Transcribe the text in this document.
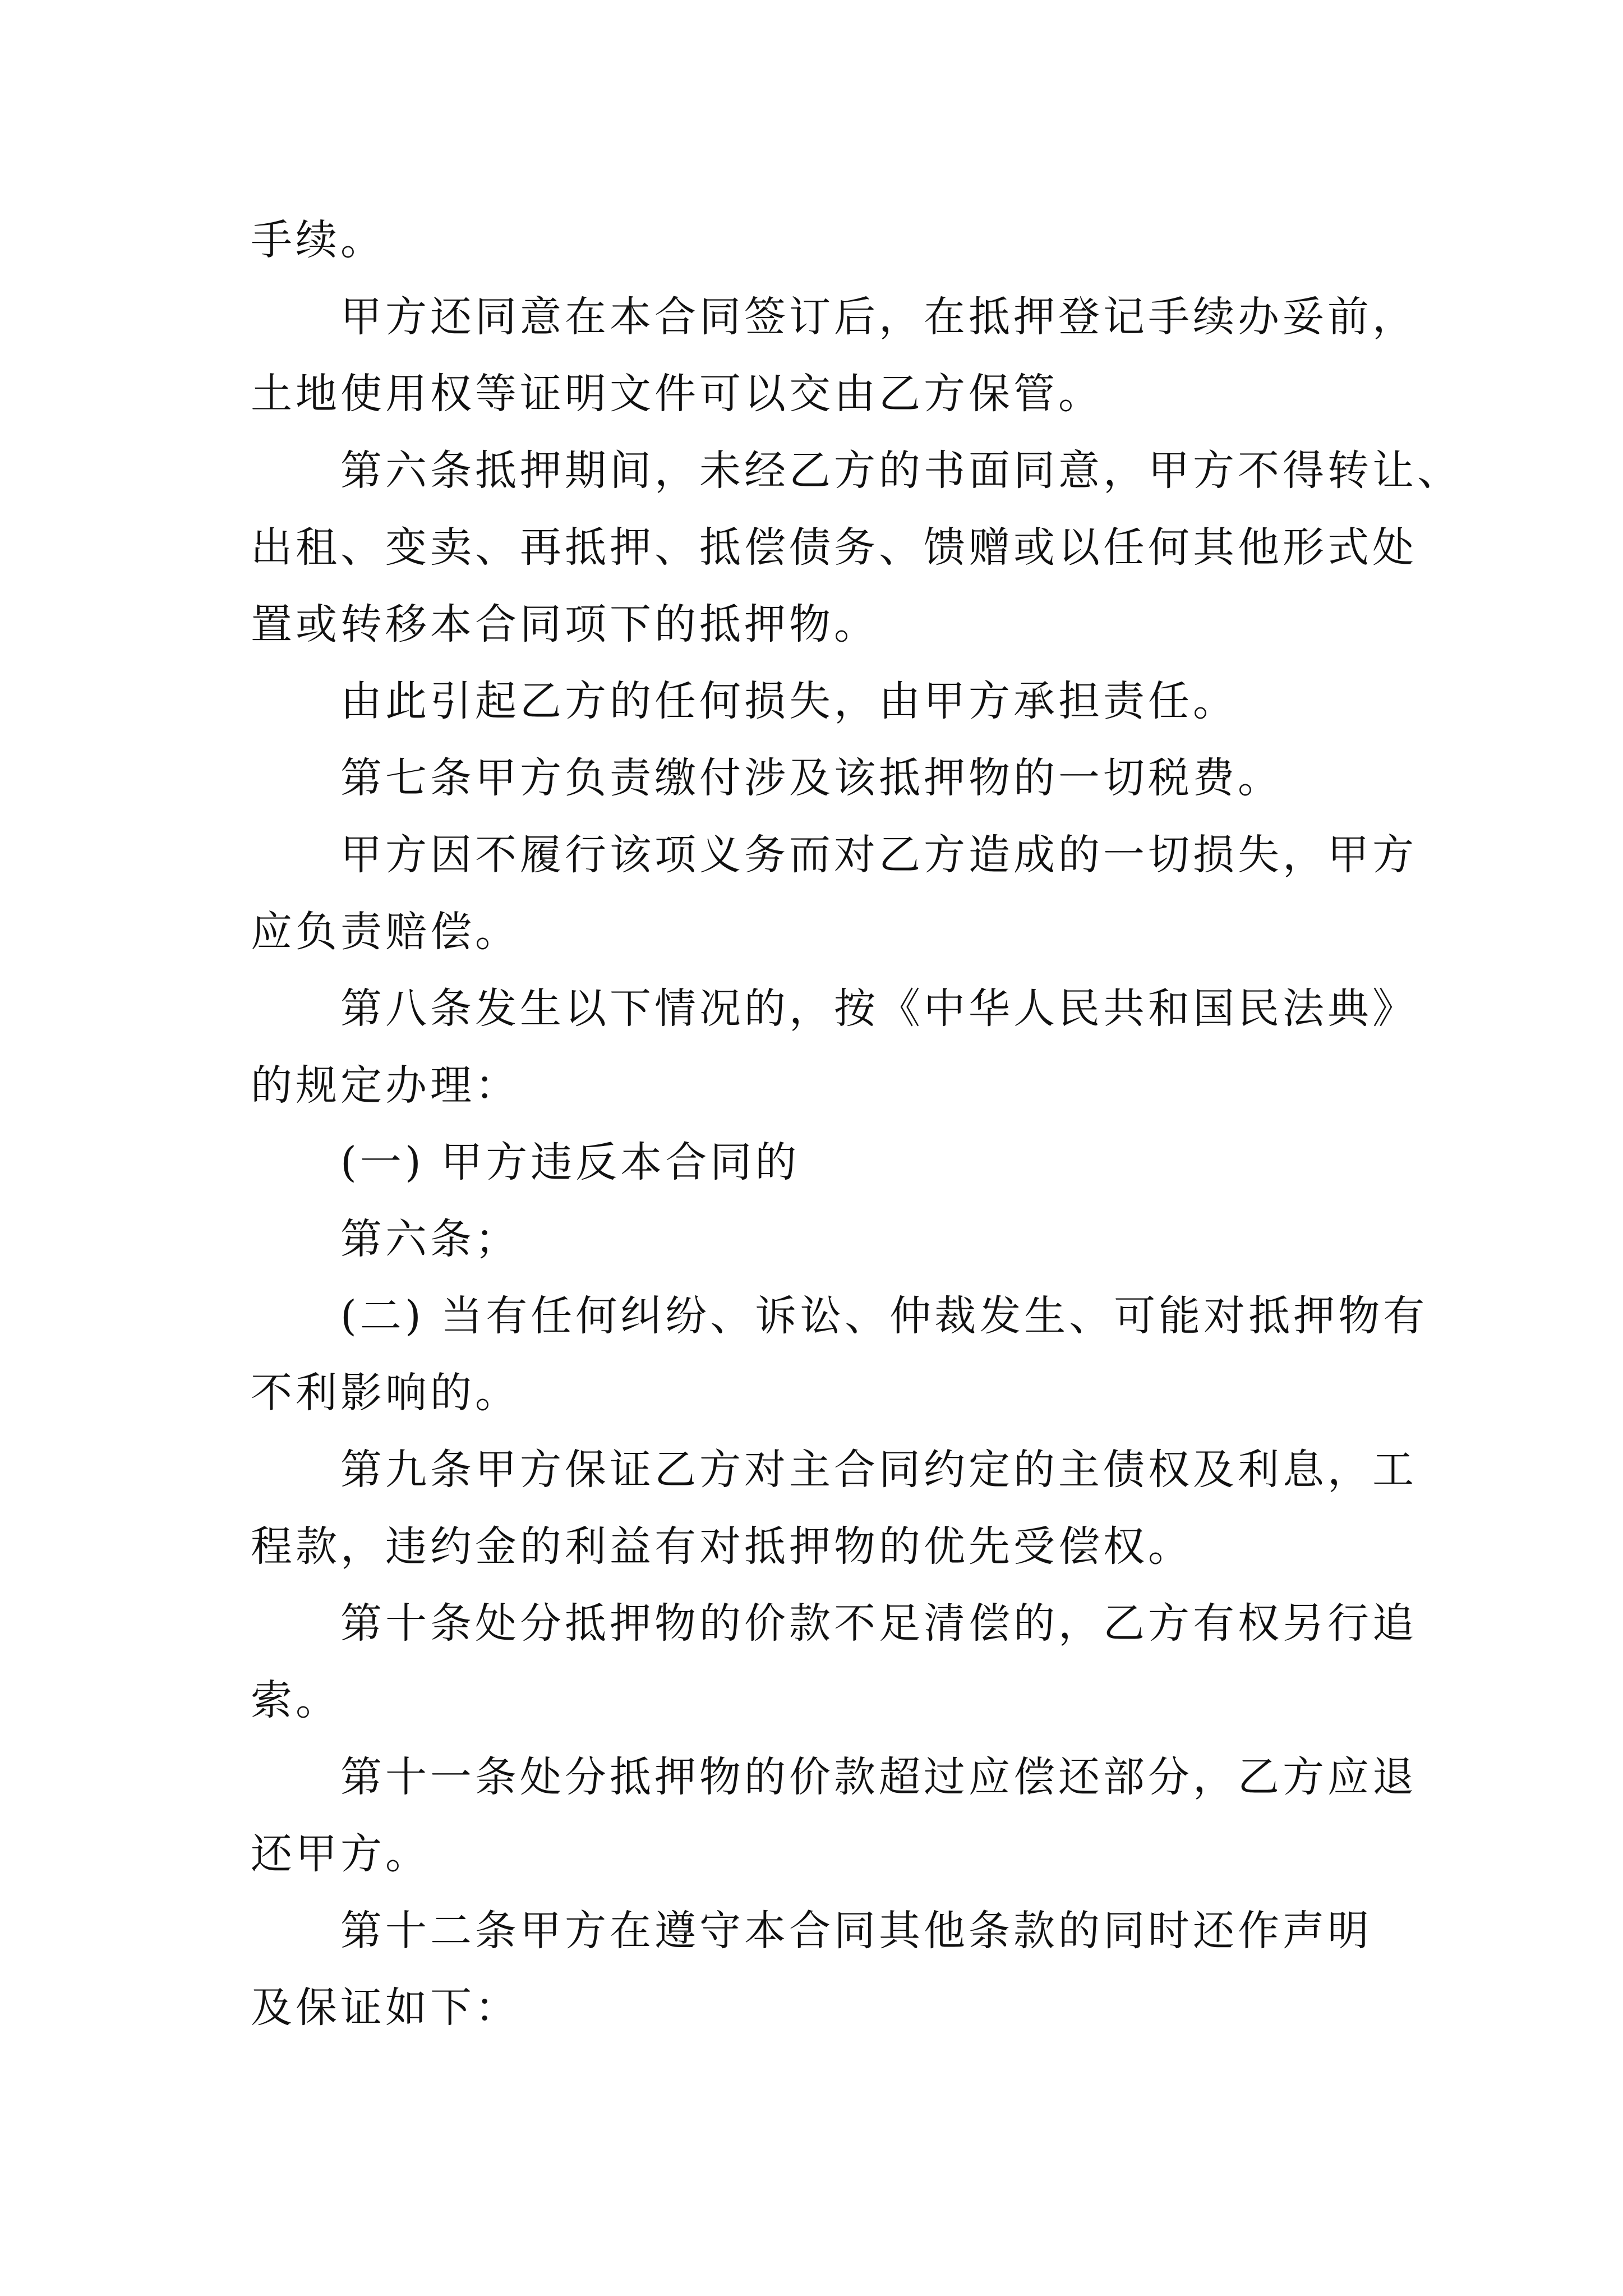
手续。
甲方还同意在本合同签订后，在抵押登记手续办妥前，
土地使用权等证明文件可以交由乙方保管。
第六条抵押期间，未经乙方的书面同意，甲方不得转让、
出租、变卖、再抵押、抵偿债务、馈赠或以任何其他形式处
置或转移本合同项下的抵押物。
由此引起乙方的任何损失，由甲方承担责任。
第七条甲方负责缴付涉及该抵押物的一切税费。
甲方因不履行该项义务而对乙方造成的一切损失，甲方
应负责赔偿。
第八条发生以下情况的，按《中华人民共和国民法典》
的规定办理：
(一) 甲方违反本合同的
第六条；
(二) 当有任何纠纷、诉讼、仲裁发生、可能对抵押物有
不利影响的。
第九条甲方保证乙方对主合同约定的主债权及利息，工
程款，违约金的利益有对抵押物的优先受偿权。
第十条处分抵押物的价款不足清偿的，乙方有权另行追
索。
第十一条处分抵押物的价款超过应偿还部分，乙方应退
还甲方。
第十二条甲方在遵守本合同其他条款的同时还作声明
及保证如下：
